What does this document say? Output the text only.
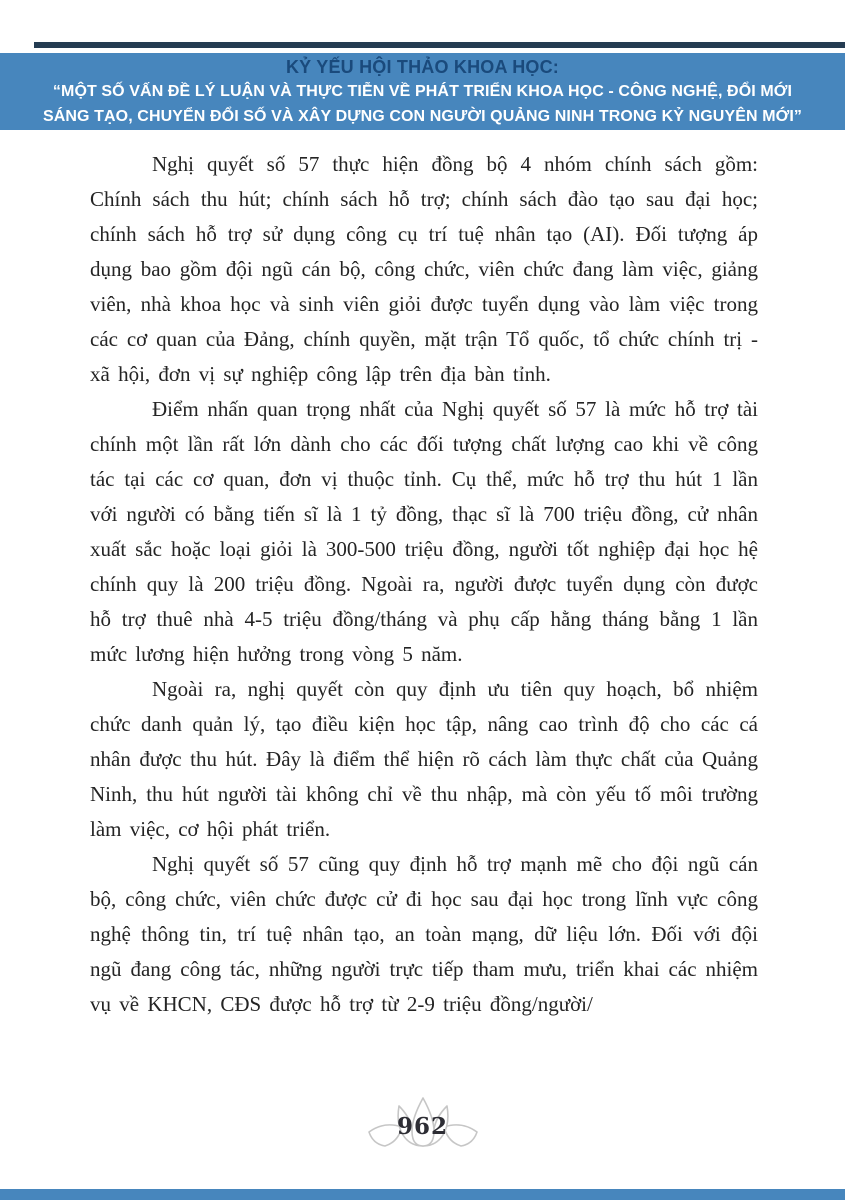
KỶ YẾU HỘI THẢO KHOA HỌC:
“MỘT SỐ VẤN ĐỀ LÝ LUẬN VÀ THỰC TIỄN VỀ PHÁT TRIỂN KHOA HỌC - CÔNG NGHỆ, ĐỔI MỚI
SÁNG TẠO, CHUYỂN ĐỔI SỐ VÀ XÂY DỰNG CON NGƯỜI QUẢNG NINH TRONG KỶ NGUYÊN MỚI”

Nghị quyết số 57 thực hiện đồng bộ 4 nhóm chính sách gồm: Chính sách thu hút; chính sách hỗ trợ; chính sách đào tạo sau đại học; chính sách hỗ trợ sử dụng công cụ trí tuệ nhân tạo (AI). Đối tượng áp dụng bao gồm đội ngũ cán bộ, công chức, viên chức đang làm việc, giảng viên, nhà khoa học và sinh viên giỏi được tuyển dụng vào làm việc trong các cơ quan của Đảng, chính quyền, mặt trận Tổ quốc, tổ chức chính trị - xã hội, đơn vị sự nghiệp công lập trên địa bàn tỉnh.

Điểm nhấn quan trọng nhất của Nghị quyết số 57 là mức hỗ trợ tài chính một lần rất lớn dành cho các đối tượng chất lượng cao khi về công tác tại các cơ quan, đơn vị thuộc tỉnh. Cụ thể, mức hỗ trợ thu hút 1 lần với người có bằng tiến sĩ là 1 tỷ đồng, thạc sĩ là 700 triệu đồng, cử nhân xuất sắc hoặc loại giỏi là 300-500 triệu đồng, người tốt nghiệp đại học hệ chính quy là 200 triệu đồng. Ngoài ra, người được tuyển dụng còn được hỗ trợ thuê nhà 4-5 triệu đồng/tháng và phụ cấp hằng tháng bằng 1 lần mức lương hiện hưởng trong vòng 5 năm.

Ngoài ra, nghị quyết còn quy định ưu tiên quy hoạch, bổ nhiệm chức danh quản lý, tạo điều kiện học tập, nâng cao trình độ cho các cá nhân được thu hút. Đây là điểm thể hiện rõ cách làm thực chất của Quảng Ninh, thu hút người tài không chỉ về thu nhập, mà còn yếu tố môi trường làm việc, cơ hội phát triển.

Nghị quyết số 57 cũng quy định hỗ trợ mạnh mẽ cho đội ngũ cán bộ, công chức, viên chức được cử đi học sau đại học trong lĩnh vực công nghệ thông tin, trí tuệ nhân tạo, an toàn mạng, dữ liệu lớn. Đối với đội ngũ đang công tác, những người trực tiếp tham mưu, triển khai các nhiệm vụ về KHCN, CĐS được hỗ trợ từ 2-9 triệu đồng/người/

962
